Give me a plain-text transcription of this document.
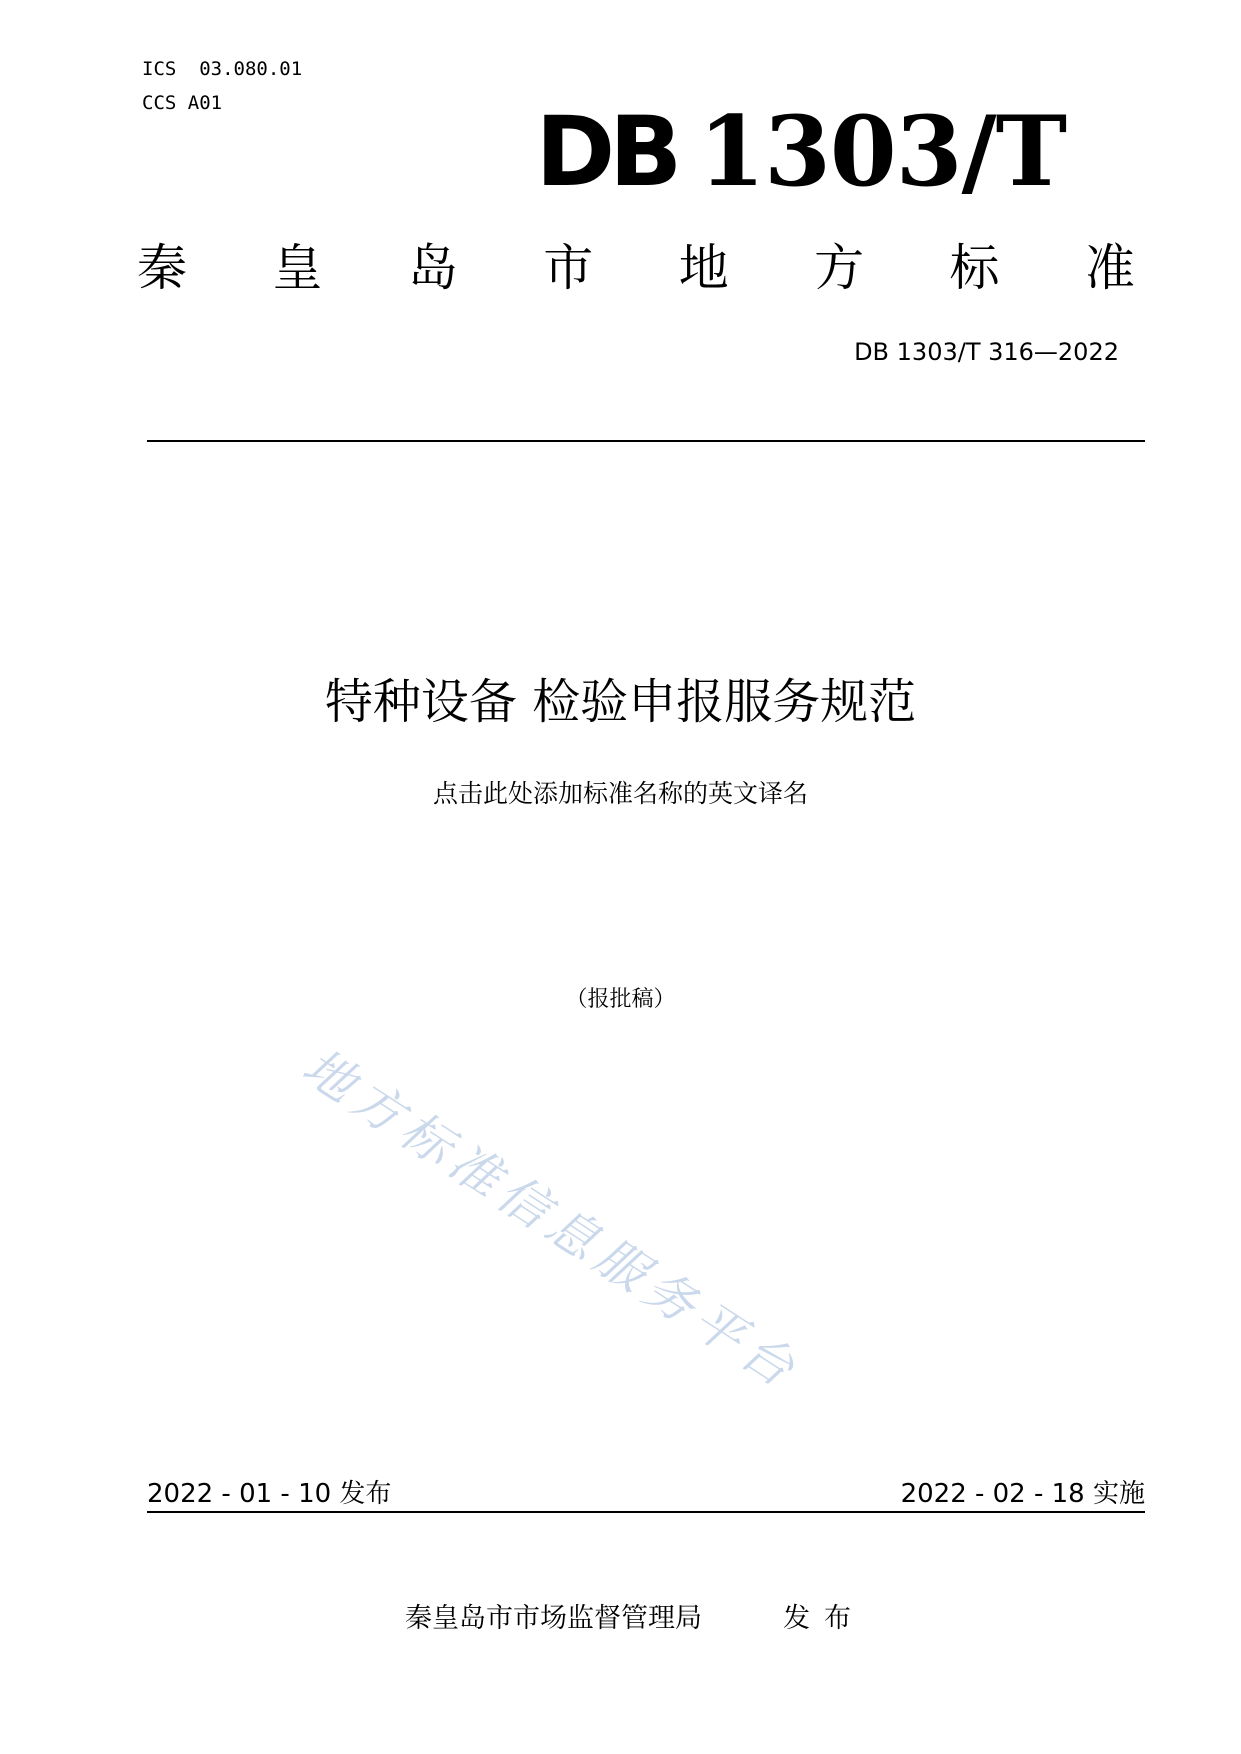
ICS 03.080.01
CCS A01	DB 1303/T
秦 皇 岛 市 地 方 标 准
DB 1303/T 316—2022
特种设备 检验申报服务规范
点击此处添加标准名称的英文译名
（报批稿）
地方标准信息服务平台
2022 - 01 - 10 发布	2022 - 02 - 18 实施
秦皇岛市市场监督管理局	发布
